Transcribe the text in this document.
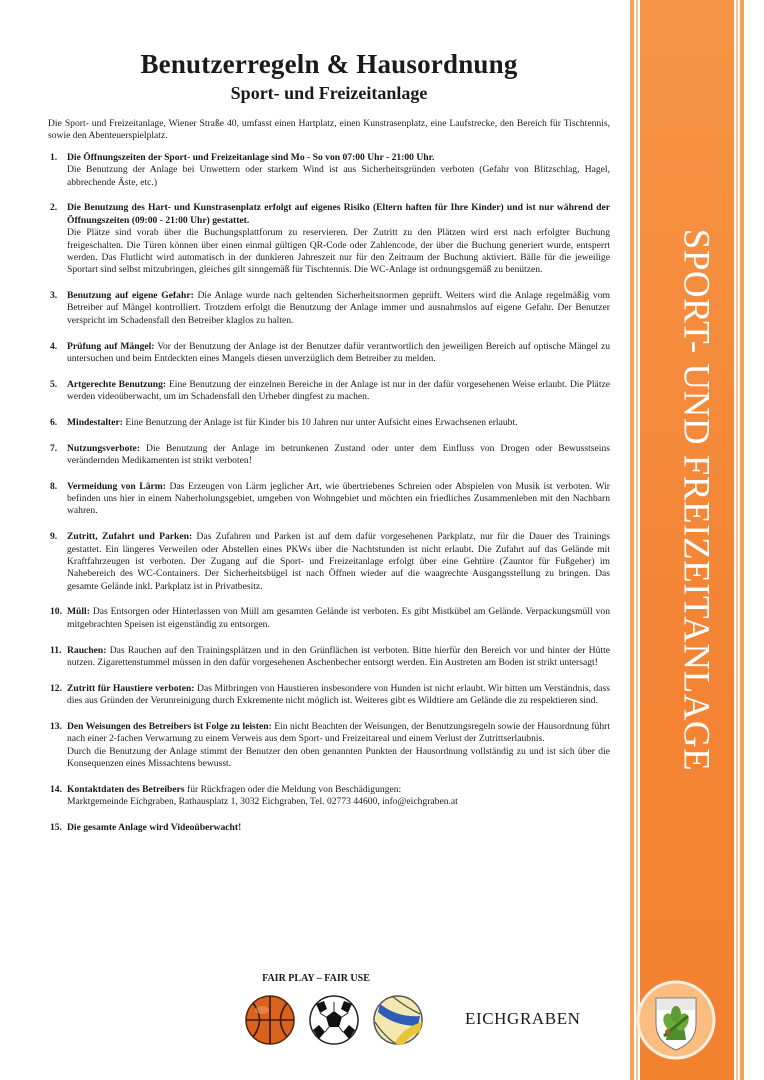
SPORT- UND FREIZEITANLAGE
Benutzerregeln & Hausordnung
Sport- und Freizeitanlage

Die Sport- und Freizeitanlage, Wiener Straße 40, umfasst einen Hartplatz, einen Kunstrasenplatz, eine Laufstrecke, den Bereich für Tischtennis, sowie den Abenteuerspielplatz.

1. Die Öffnungszeiten der Sport- und Freizeitanlage sind Mo - So von 07:00 Uhr - 21:00 Uhr.

Die Benutzung der Anlage bei Unwettern oder starkem Wind ist aus Sicherheitsgründen verboten (Gefahr von Blitzschlag, Hagel, abbrechende Äste, etc.)

2. Die Benutzung des Hart- und Kunstrasenplatz erfolgt auf eigenes Risiko (Eltern haften für Ihre Kinder) und ist nur während der Öffnungszeiten (09:00 - 21:00 Uhr) gestattet.

Die Plätze sind vorab über die Buchungsplattforum zu reservieren. Der Zutritt zu den Plätzen wird erst nach erfolgter Buchung freigeschalten. Die Türen können über einen einmal gültigen QR-Code oder Zahlencode, der über die Buchung generiert wurde, entsperrt werden. Das Flutlicht wird automatisch in der dunkleren Jahreszeit nur für den Zeitraum der Buchung aktiviert. Bälle für die jeweilige Sportart sind selbst mitzubringen, gleiches gilt sinngemäß für Tischtennis. Die WC-Anlage ist ordnungsgemäß zu benützen.

3. Benutzung auf eigene Gefahr: Die Anlage wurde nach geltenden Sicherheitsnormen geprüft. Weiters wird die Anlage regelmäßig vom Betreiber auf Mängel kontrolliert. Trotzdem erfolgt die Benutzung der Anlage immer und ausnahmslos auf eigene Gefahr. Der Benutzer verspricht im Schadensfall den Betreiber klaglos zu halten.

4. Prüfung auf Mängel: Vor der Benutzung der Anlage ist der Benutzer dafür verantwortlich den jeweiligen Bereich auf optische Mängel zu untersuchen und beim Entdeckten eines Mangels diesen unverzüglich dem Betreiber zu melden.

5. Artgerechte Benutzung: Eine Benutzung der einzelnen Bereiche in der Anlage ist nur in der dafür vorgesehenen Weise erlaubt. Die Plätze werden videoüberwacht, um im Schadensfall den Urheber dingfest zu machen.

6. Mindestalter: Eine Benutzung der Anlage ist für Kinder bis 10 Jahren nur unter Aufsicht eines Erwachsenen erlaubt.

7. Nutzungsverbote: Die Benutzung der Anlage im betrunkenen Zustand oder unter dem Einfluss von Drogen oder Bewusstseins verändernden Medikamenten ist strikt verboten!

8. Vermeidung von Lärm: Das Erzeugen von Lärm jeglicher Art, wie übertriebenes Schreien oder Abspielen von Musik ist verboten. Wir befinden uns hier in einem Naherholungsgebiet, umgeben von Wohngebiet und möchten ein friedliches Zusammenleben mit den Nachbarn wahren.

9. Zutritt, Zufahrt und Parken: Das Zufahren und Parken ist auf dem dafür vorgesehenen Parkplatz, nur für die Dauer des Trainings gestattet. Ein längeres Verweilen oder Abstellen eines PKWs über die Nachtstunden ist nicht erlaubt. Die Zufahrt auf das Gelände mit Kraftfahrzeugen ist verboten. Der Zugang auf die Sport- und Freizeitanlage erfolgt über eine Gehtüre (Zauntor für Fußgeher) im Nahebereich des WC-Containers. Der Sicherheitsbügel ist nach Öffnen wieder auf die waagrechte Ausgangsstellung zu bringen. Das gesamte Gelände inkl. Parkplatz ist in Privatbesitz.

10. Müll: Das Entsorgen oder Hinterlassen von Müll am gesamten Gelände ist verboten. Es gibt Mistkübel am Gelände. Verpackungsmüll von mitgebrachten Speisen ist eigenständig zu entsorgen.

11. Rauchen: Das Rauchen auf den Trainingsplätzen und in den Grünflächen ist verboten. Bitte hierfür den Bereich vor und hinter der Hütte nutzen. Zigarettenstummel müssen in den dafür vorgesehenen Aschenbecher entsorgt werden. Ein Austreten am Boden ist strikt untersagt!

12. Zutritt für Haustiere verboten: Das Mitbringen von Haustieren insbesondere von Hunden ist nicht erlaubt. Wir bitten um Verständnis, dass dies aus Gründen der Verunreinigung durch Exkremente nicht möglich ist. Weiteres gibt es Wildtiere am Gelände die zu respektieren sind.

13. Den Weisungen des Betreibers ist Folge zu leisten: Ein nicht Beachten der Weisungen, der Benutzungsregeln sowie der Hausordnung führt nach einer 2-fachen Verwarnung zu einem Verweis aus dem Sport- und Freizeitareal und einem Verlust der Zutrittserlaubnis.

Durch die Benutzung der Anlage stimmt der Benutzer den oben genannten Punkten der Hausordnung vollständig zu und ist sich über die Konsequenzen eines Missachtens bewusst.

14. Kontaktdaten des Betreibers für Rückfragen oder die Meldung von Beschädigungen:

Marktgemeinde Eichgraben, Rathausplatz 1, 3032 Eichgraben, Tel. 02773 44600, info@eichgraben.at

15. Die gesamte Anlage wird Videoüberwacht!

FAIR PLAY – FAIR USE
EICHGRABEN
